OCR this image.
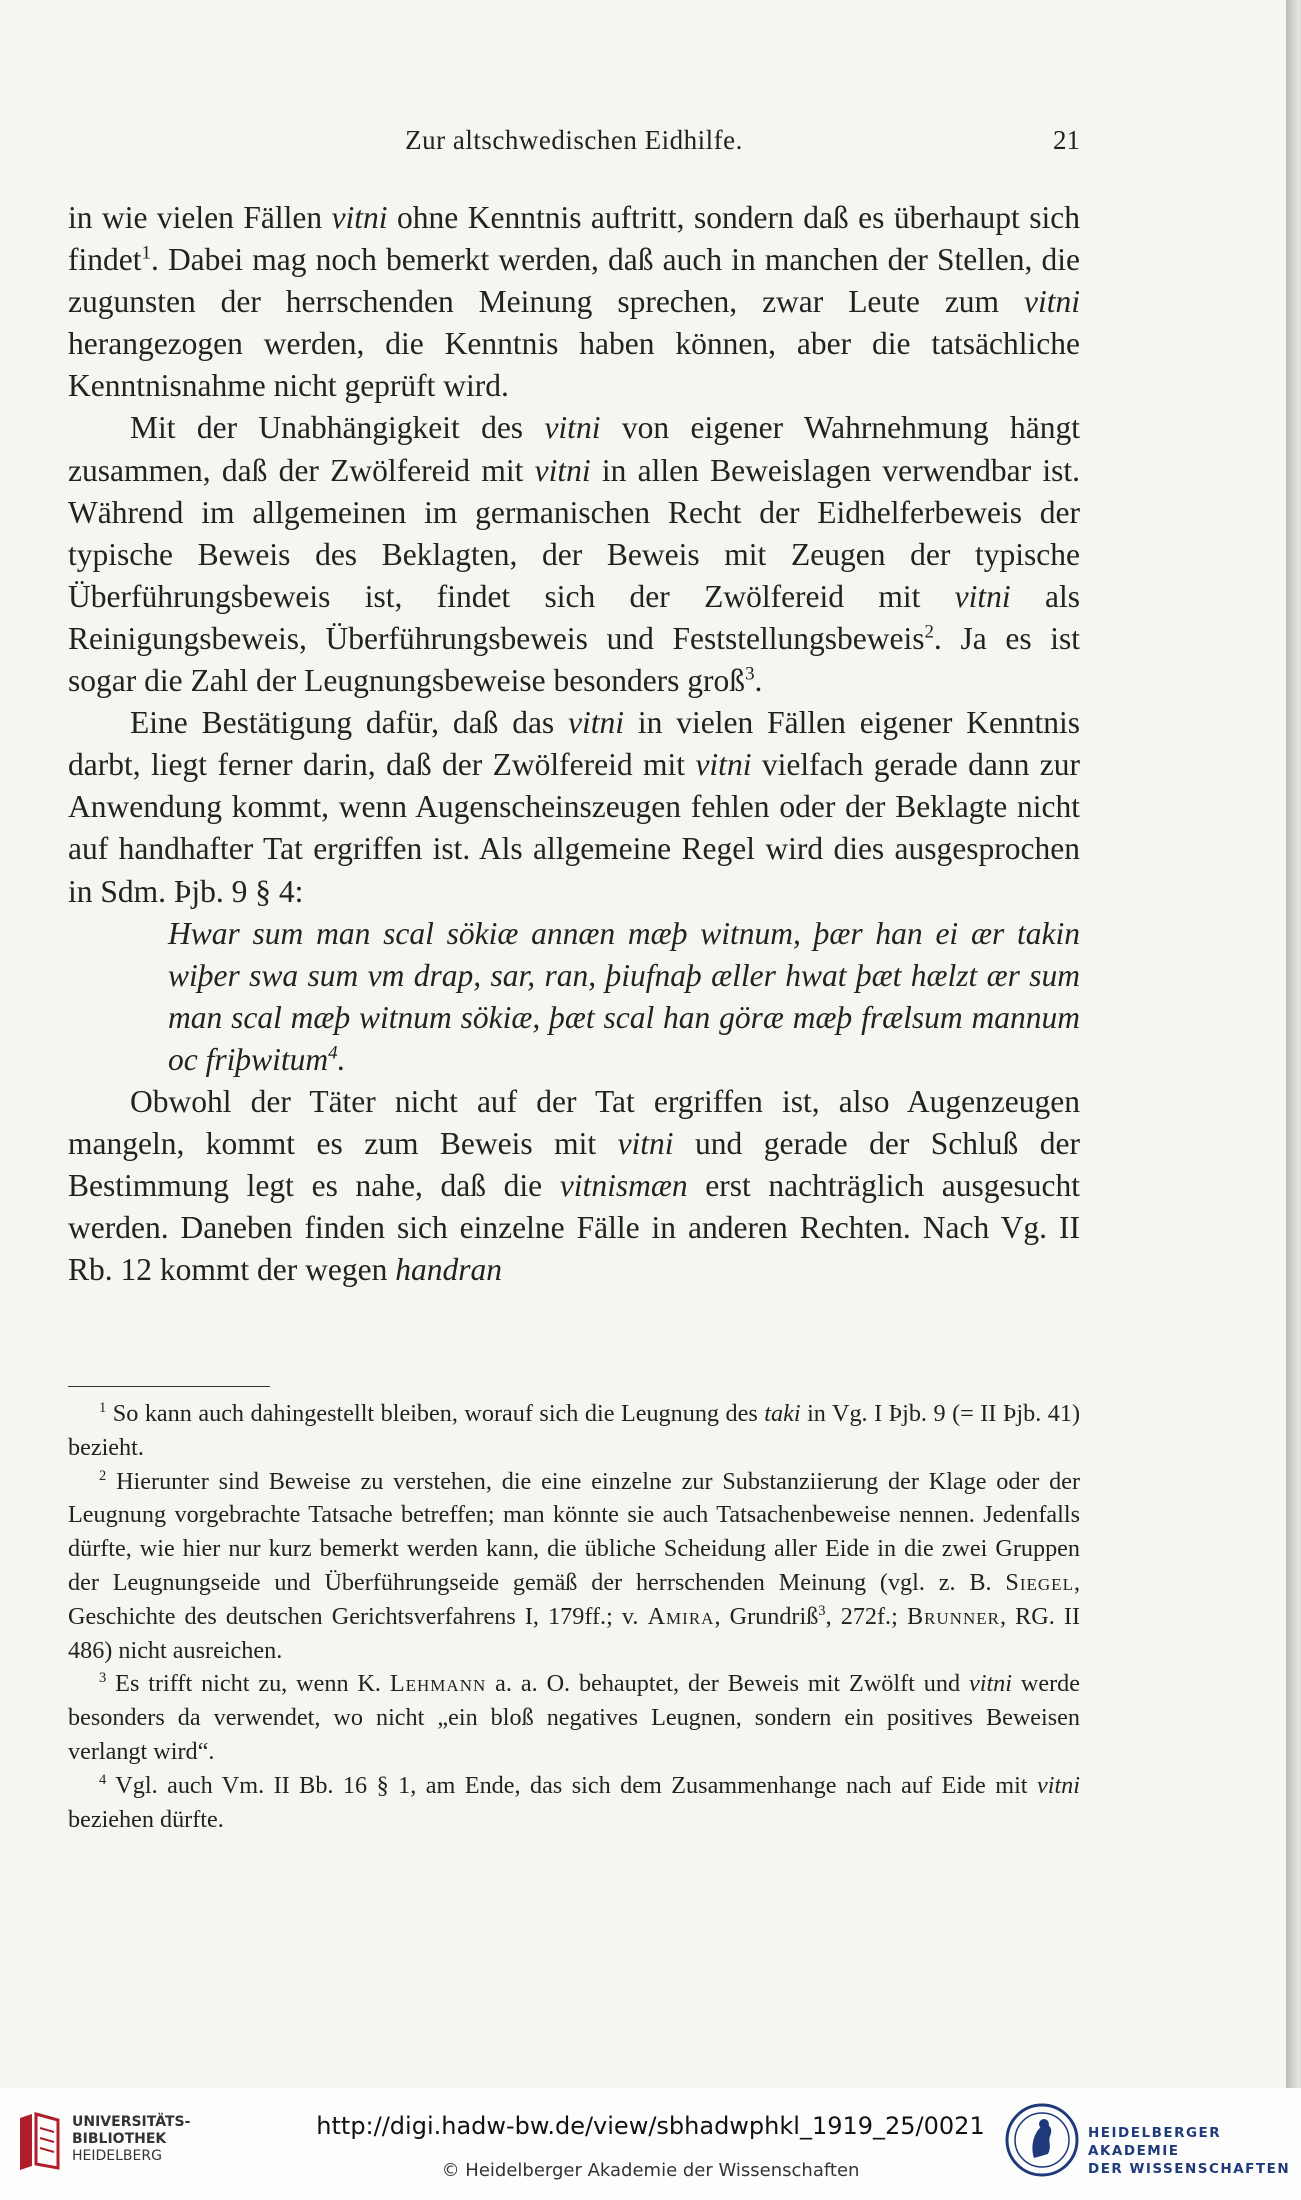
Zur altschwedischen Eidhilfe.	21

in wie vielen Fällen vitni ohne Kenntnis auftritt, sondern daß es überhaupt sich findet$^1$. Dabei mag noch bemerkt werden, daß auch in manchen der Stellen, die zugunsten der herrschenden Meinung sprechen, zwar Leute zum vitni herangezogen werden, die Kenntnis haben können, aber die tatsächliche Kenntnisnahme nicht geprüft wird.

Mit der Unabhängigkeit des vitni von eigener Wahrnehmung hängt zusammen, daß der Zwölfereid mit vitni in allen Beweislagen verwendbar ist. Während im allgemeinen im germanischen Recht der Eidhelferbeweis der typische Beweis des Beklagten, der Beweis mit Zeugen der typische Überführungsbeweis ist, findet sich der Zwölfereid mit vitni als Reinigungsbeweis, Überführungsbeweis und Feststellungsbeweis$^2$. Ja es ist sogar die Zahl der Leugnungsbeweise besonders groß$^3$.

Eine Bestätigung dafür, daß das vitni in vielen Fällen eigener Kenntnis darbt, liegt ferner darin, daß der Zwölfereid mit vitni vielfach gerade dann zur Anwendung kommt, wenn Augenscheinszeugen fehlen oder der Beklagte nicht auf handhafter Tat ergriffen ist. Als allgemeine Regel wird dies ausgesprochen in Sdm. Þjb. 9 § 4:

Hwar sum man scal sökiæ annæn mæþ witnum, þær han ei ær takin wiþer swa sum vm drap, sar, ran, þiufnaþ æller hwat þæt hælzt ær sum man scal mæþ witnum sökiæ, þæt scal han göræ mæþ frælsum mannum oc friþwitum$^4$.

Obwohl der Täter nicht auf der Tat ergriffen ist, also Augenzeugen mangeln, kommt es zum Beweis mit vitni und gerade der Schluß der Bestimmung legt es nahe, daß die vitnismæn erst nachträglich ausgesucht werden. Daneben finden sich einzelne Fälle in anderen Rechten. Nach Vg. II Rb. 12 kommt der wegen handran

$^1$ So kann auch dahingestellt bleiben, worauf sich die Leugnung des taki in Vg. I Þjb. 9 (= II Þjb. 41) bezieht.

$^2$ Hierunter sind Beweise zu verstehen, die eine einzelne zur Substanziierung der Klage oder der Leugnung vorgebrachte Tatsache betreffen; man könnte sie auch Tatsachenbeweise nennen. Jedenfalls dürfte, wie hier nur kurz bemerkt werden kann, die übliche Scheidung aller Eide in die zwei Gruppen der Leugnungseide und Überführungseide gemäß der herrschenden Meinung (vgl. z. B. Siegel, Geschichte des deutschen Gerichtsverfahrens I, 179ff.; v. Amira, Grundriß$^3$, 272f.; Brunner, RG. II 486) nicht ausreichen.

$^3$ Es trifft nicht zu, wenn K. Lehmann a. a. O. behauptet, der Beweis mit Zwölft und vitni werde besonders da verwendet, wo nicht „ein bloß negatives Leugnen, sondern ein positives Beweisen verlangt wird“.

$^4$ Vgl. auch Vm. II Bb. 16 § 1, am Ende, das sich dem Zusammenhange nach auf Eide mit vitni beziehen dürfte.

UNIVERSITÄTS-
BIBLIOTHEK
HEIDELBERG
http://digi.hadw-bw.de/view/sbhadwphkl_1919_25/0021
© Heidelberger Akademie der Wissenschaften
HEIDELBERGER AKADEMIE
DER WISSENSCHAFTEN
